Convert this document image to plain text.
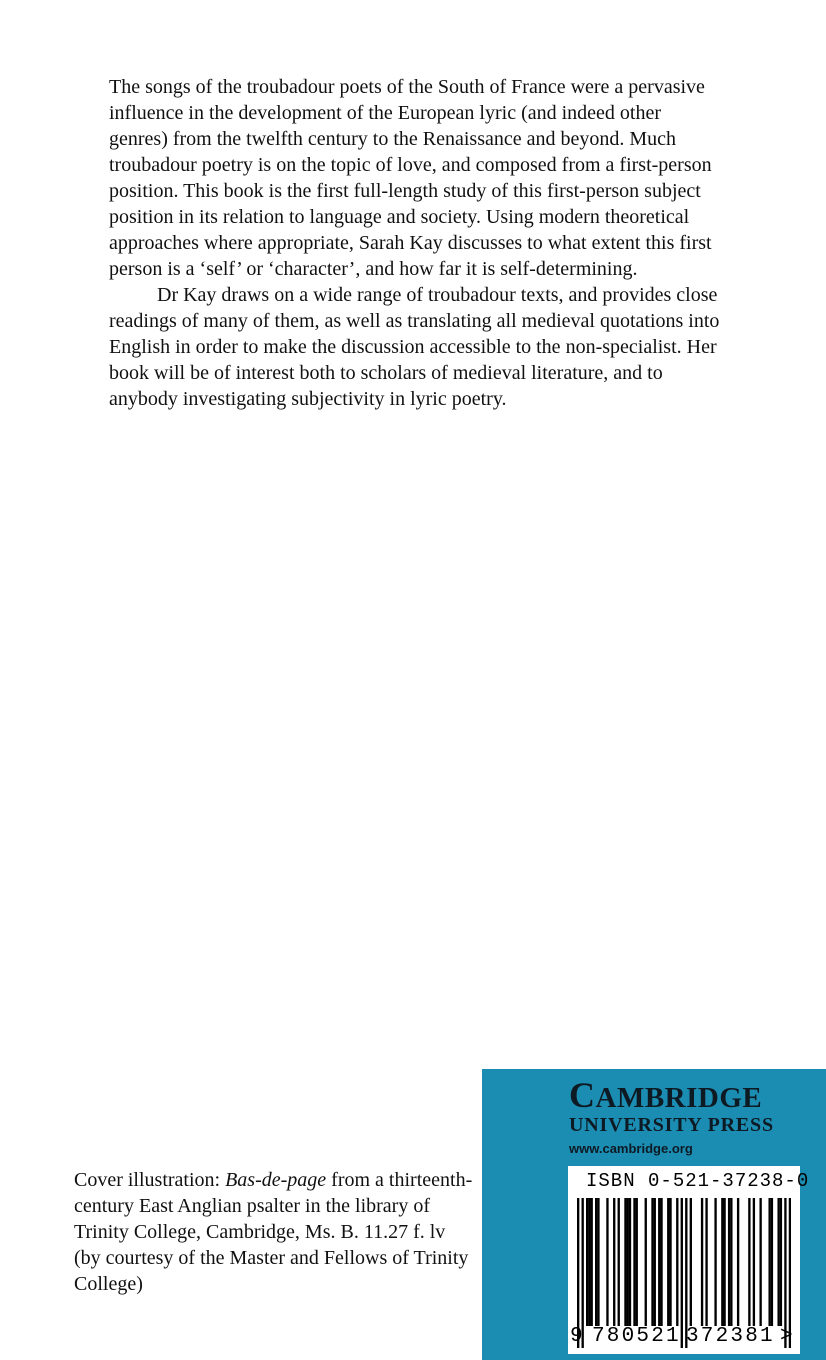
The songs of the troubadour poets of the South of France were a pervasive influence in the development of the European lyric (and indeed other genres) from the twelfth century to the Renaissance and beyond. Much troubadour poetry is on the topic of love, and composed from a first-person position. This book is the first full-length study of this first-person subject position in its relation to language and society. Using modern theoretical approaches where appropriate, Sarah Kay discusses to what extent this first person is a ‘self’ or ‘character’, and how far it is self-determining.

Dr Kay draws on a wide range of troubadour texts, and provides close readings of many of them, as well as translating all medieval quotations into English in order to make the discussion accessible to the non-specialist. Her book will be of interest both to scholars of medieval literature, and to anybody investigating subjectivity in lyric poetry.

Cover illustration: Bas-de-page from a thirteenth-century East Anglian psalter in the library of Trinity College, Cambridge, Ms. B. 11.27 f. lv (by courtesy of the Master and Fellows of Trinity College)
CAMBRIDGE
UNIVERSITY PRESS
www.cambridge.org
ISBN 0-521-37238-0
9 780521 372381 >
